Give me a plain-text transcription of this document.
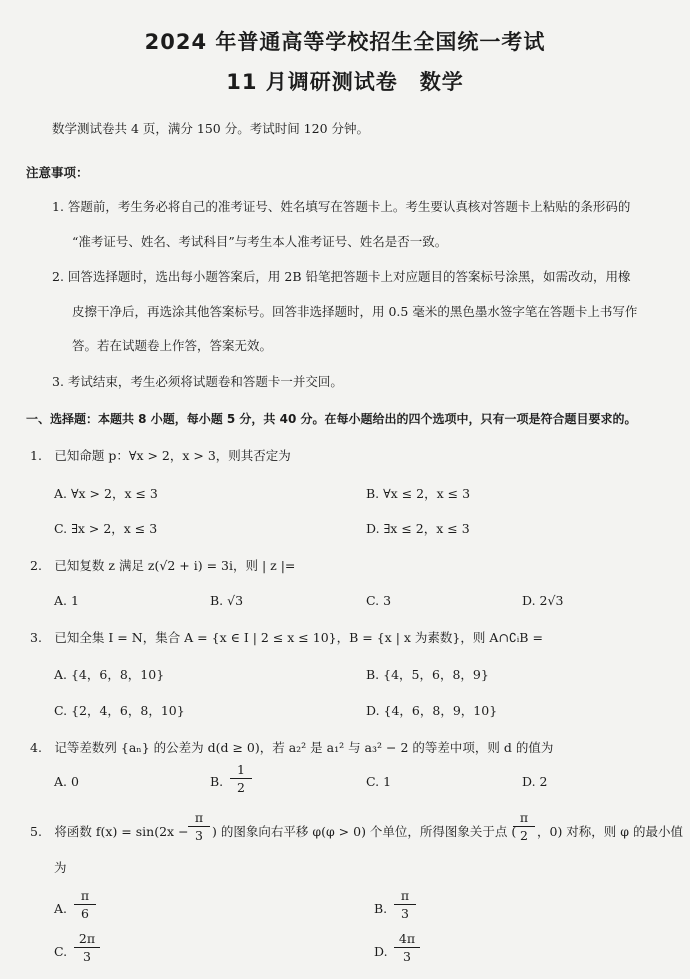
2024 年普通高等学校招生全国统一考试
11 月调研测试卷　数学
数学测试卷共 4 页，满分 150 分。考试时间 120 分钟。
注意事项：
1. 答题前，考生务必将自己的准考证号、姓名填写在答题卡上。考生要认真核对答题卡上粘贴的条形码的
“准考证号、姓名、考试科目”与考生本人准考证号、姓名是否一致。
2. 回答选择题时，选出每小题答案后，用 2B 铅笔把答题卡上对应题目的答案标号涂黑，如需改动，用橡
皮擦干净后，再选涂其他答案标号。回答非选择题时，用 0.5 毫米的黑色墨水签字笔在答题卡上书写作
答。若在试题卷上作答，答案无效。
3. 考试结束，考生必须将试题卷和答题卡一并交回。
一、选择题：本题共 8 小题，每小题 5 分，共 40 分。在每小题给出的四个选项中，只有一项是符合题目要求的。
1.　已知命题 p：∀x > 2，x > 3，则其否定为
A. ∀x > 2，x ≤ 3	B. ∀x ≤ 2，x ≤ 3
C. ∃x > 2，x ≤ 3	D. ∃x ≤ 2，x ≤ 3
2.　已知复数 z 满足 z(√2 + i) = 3i，则 | z |=
A. 1	B. √3	C. 3	D. 2√3
3.　已知全集 I = N，集合 A = {x ∈ I | 2 ≤ x ≤ 10}，B = {x | x 为素数}，则 A∩∁ᵢB =
A. {4，6，8，10}	B. {4，5，6，8，9}
C. {2，4，6，8，10}	D. {4，6，8，9，10}
4.　记等差数列 {aₙ} 的公差为 d(d ≥ 0)，若 a₂² 是 a₁² 与 a₃² − 2 的等差中项，则 d 的值为
A. 0	B. $\frac{1}{2}$	C. 1	D. 2
5.　将函数 $f(x) = \sin(2x - \frac{\pi}{3}$ ) 的图象向右平移 φ(φ > 0) 个单位，所得图象关于点 (
$\frac{\pi}{2}$ ，0) 对称，则 φ 的最小值
为
A. $\frac{\pi}{6}$	B. $\frac{\pi}{3}$
C. $\frac{2\pi}{3}$	D. $\frac{4\pi}{3}$
